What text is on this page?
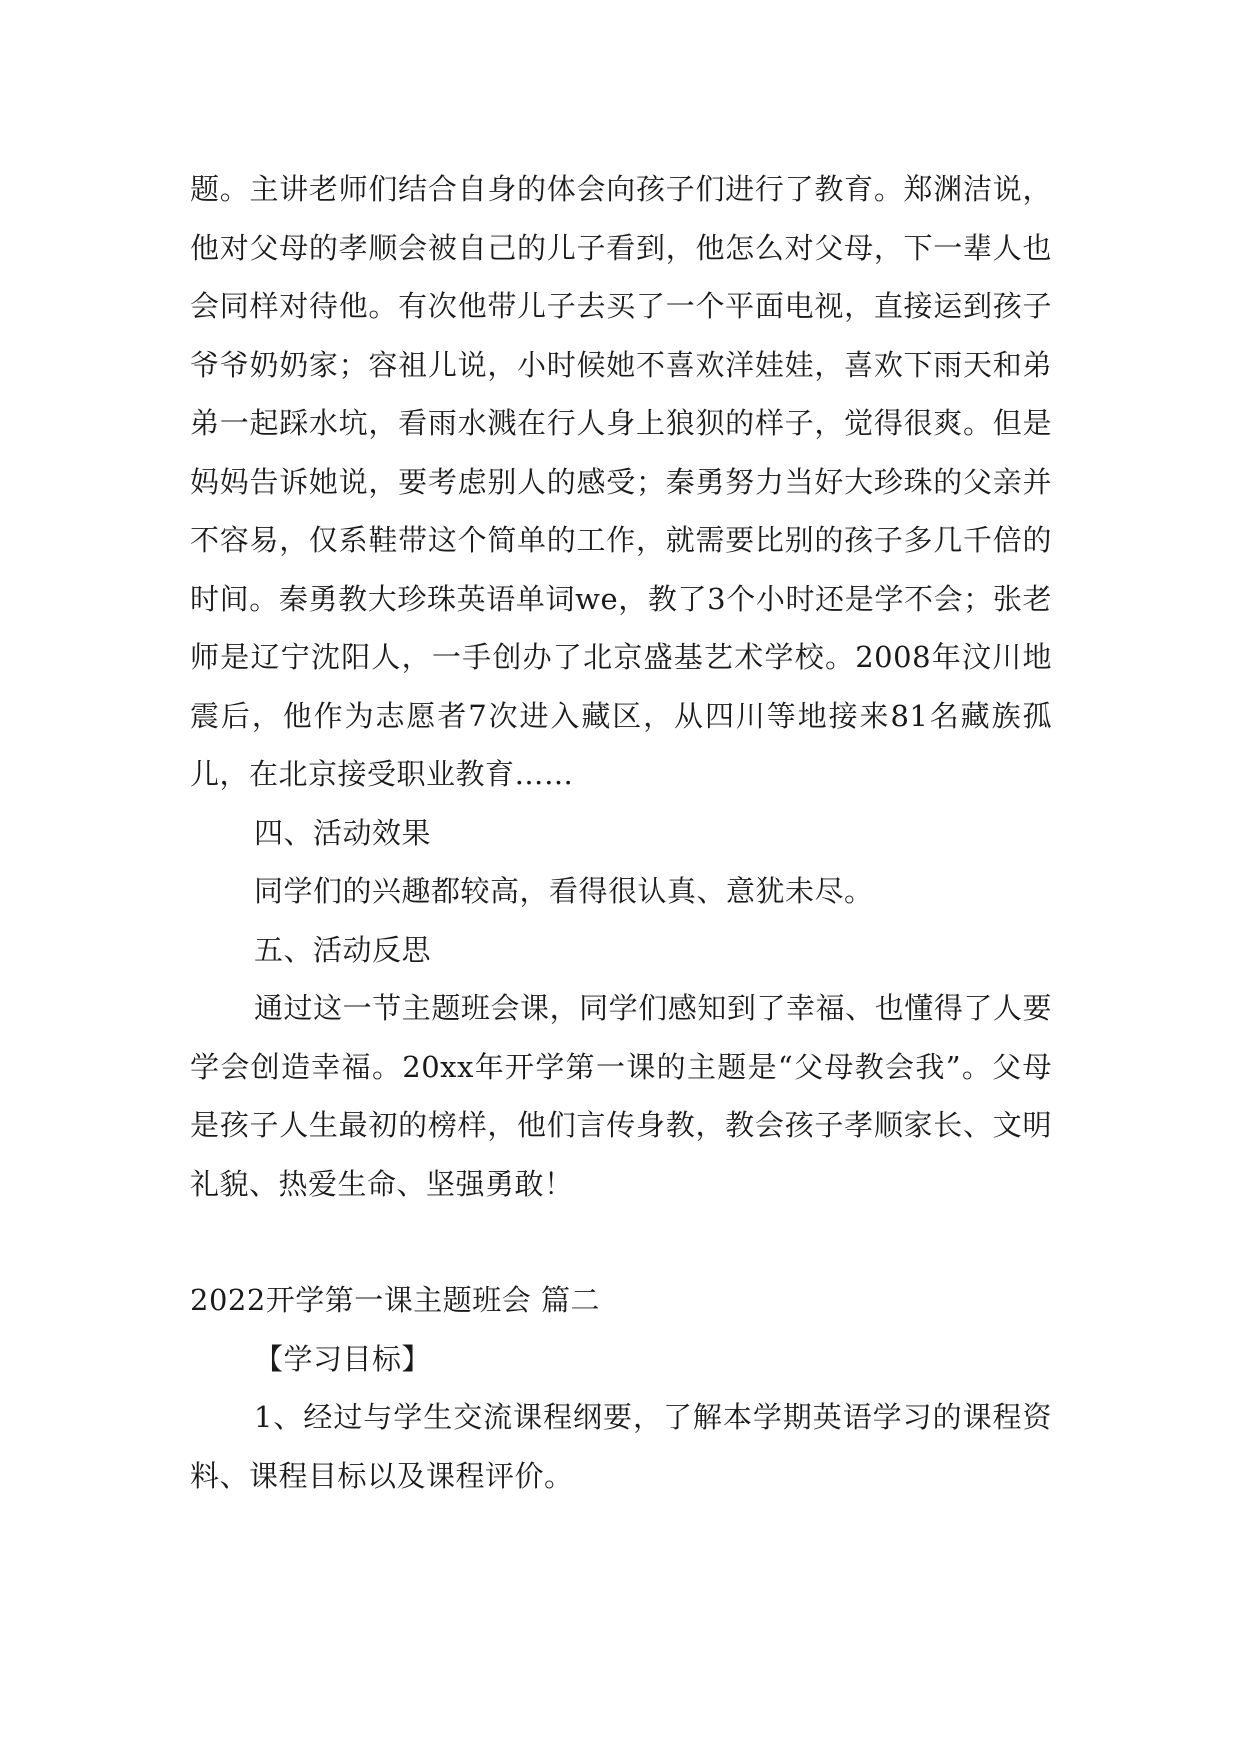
题。主讲老师们结合自身的体会向孩子们进行了教育。郑渊洁说，他对父母的孝顺会被自己的儿子看到，他怎么对父母，下一辈人也会同样对待他。有次他带儿子去买了一个平面电视，直接运到孩子爷爷奶奶家；容祖儿说，小时候她不喜欢洋娃娃，喜欢下雨天和弟弟一起踩水坑，看雨水溅在行人身上狼狈的样子，觉得很爽。但是妈妈告诉她说，要考虑别人的感受；秦勇努力当好大珍珠的父亲并不容易，仅系鞋带这个简单的工作，就需要比别的孩子多几千倍的时间。秦勇教大珍珠英语单词we，教了3个小时还是学不会；张老师是辽宁沈阳人，一手创办了北京盛基艺术学校。2008年汶川地震后，他作为志愿者7次进入藏区，从四川等地接来81名藏族孤儿，在北京接受职业教育……

四、活动效果

同学们的兴趣都较高，看得很认真、意犹未尽。

五、活动反思

通过这一节主题班会课，同学们感知到了幸福、也懂得了人要学会创造幸福。20xx年开学第一课的主题是“父母教会我”。父母是孩子人生最初的榜样，他们言传身教，教会孩子孝顺家长、文明礼貌、热爱生命、坚强勇敢！

2022开学第一课主题班会 篇二

【学习目标】

1、经过与学生交流课程纲要，了解本学期英语学习的课程资料、课程目标以及课程评价。
